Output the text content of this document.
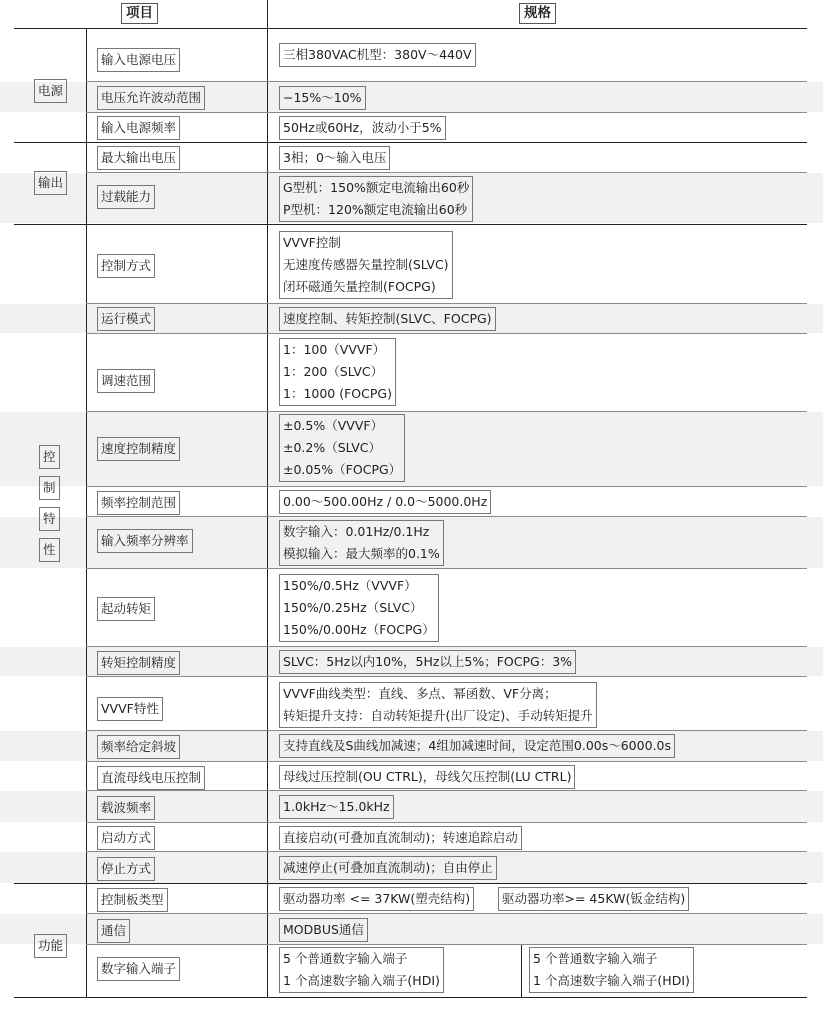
项目	规格
电源
输出
控
制
特
性
功能
输入电源电压
电压允许波动范围
输入电源频率
最大输出电压
过载能力
控制方式
运行模式
调速范围
速度控制精度
频率控制范围
输入频率分辨率
起动转矩
转矩控制精度
VVVF特性
频率给定斜坡
直流母线电压控制
载波频率
启动方式
停止方式
控制板类型
通信
数字输入端子
三相380VAC机型：380V～440V
−15%～10%
50Hz或60Hz，波动小于5%
3相；0～输入电压
G型机：150%额定电流输出60秒
P型机：120%额定电流输出60秒
VVVF控制
无速度传感器矢量控制(SLVC)
闭环磁通矢量控制(FOCPG)
速度控制、转矩控制(SLVC、FOCPG)
1：100（VVVF）
1：200（SLVC）
1：1000 (FOCPG)
±0.5%（VVVF）
±0.2%（SLVC）
±0.05%（FOCPG）
0.00～500.00Hz / 0.0～5000.0Hz
数字输入：0.01Hz/0.1Hz
模拟输入：最大频率的0.1%
150%/0.5Hz（VVVF）
150%/0.25Hz（SLVC）
150%/0.00Hz（FOCPG）
SLVC：5Hz以内10%，5Hz以上5%；FOCPG：3%
VVVF曲线类型：直线、多点、幂函数、VF分离；
转矩提升支持：自动转矩提升(出厂设定)、手动转矩提升
支持直线及S曲线加减速；4组加减速时间，设定范围0.00s～6000.0s
母线过压控制(OU CTRL)，母线欠压控制(LU CTRL)
1.0kHz～15.0kHz
直接启动(可叠加直流制动)；转速追踪启动
减速停止(可叠加直流制动)；自由停止
驱动器功率 <= 37KW(塑壳结构)	驱动器功率>= 45KW(钣金结构)
MODBUS通信
5 个普通数字输入端子
1 个高速数字输入端子(HDI)
5 个普通数字输入端子
1 个高速数字输入端子(HDI)
